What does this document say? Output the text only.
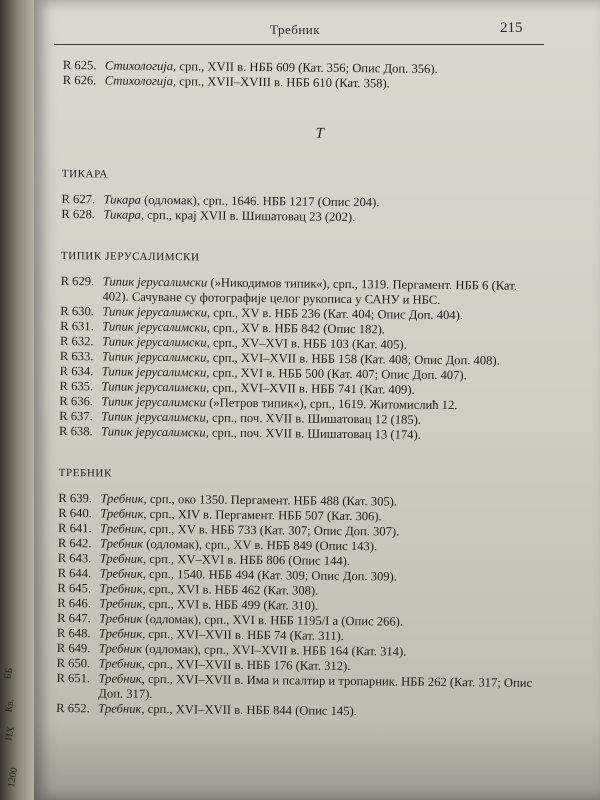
ББ
Кв.
ИХ
1200
Требник	215
R 625. Стихологија, срп., XVII в. НББ 609 (Кат. 356; Опис Доп. 356).
R 626. Стихологија, срп., XVII–XVIII в. НББ 610 (Кат. 358).
T
ТИКАРА
R 627. Тикара (одломак), срп., 1646. НББ 1217 (Опис 204).
R 628. Тикара, срп., крај XVII в. Шишатовац 23 (202).
ТИПИК ЈЕРУСАЛИМСКИ
R 629. Типик јерусалимски (»Никодимов типик«), срп., 1319. Пергамент. НББ 6 (Кат. 402). Сачуване су фотографије целог рукописа у САНУ и НБС.
R 630. Типик јерусалимски, срп., XV в. НББ 236 (Кат. 404; Опис Доп. 404).
R 631. Типик јерусалимски, срп., XV в. НББ 842 (Опис 182).
R 632. Типик јерусалимски, срп., XV–XVI в. НББ 103 (Кат. 405).
R 633. Типик јерусалимски, срп., XVI–XVII в. НББ 158 (Кат. 408; Опис Доп. 408).
R 634. Типик јерусалимски, срп., XVI в. НББ 500 (Кат. 407; Опис Доп. 407).
R 635. Типик јерусалимски, срп., XVI–XVII в. НББ 741 (Кат. 409).
R 636. Типик јерусалимски (»Петров типик«), срп., 1619. Житомислић 12.
R 637. Типик јерусалимски, срп., поч. XVII в. Шишатовац 12 (185).
R 638. Типик јерусалимски, срп., поч. XVII в. Шишатовац 13 (174).
ТРЕБНИК
R 639. Требник, срп., око 1350. Пергамент. НББ 488 (Кат. 305).
R 640. Требник, срп., XIV в. Пергамент. НББ 507 (Кат. 306).
R 641. Требник, срп., XV в. НББ 733 (Кат. 307; Опис Доп. 307).
R 642. Требник (одломак), срп., XV в. НББ 849 (Опис 143).
R 643. Требник, срп., XV–XVI в. НББ 806 (Опис 144).
R 644. Требник, срп., 1540. НББ 494 (Кат. 309; Опис Доп. 309).
R 645. Требник, срп., XVI в. НББ 462 (Кат. 308).
R 646. Требник, срп., XVI в. НББ 499 (Кат. 310).
R 647. Требник (одломак), срп., XVI в. НББ 1195/I a (Опис 266).
R 648. Требник, срп., XVI–XVII в. НББ 74 (Кат. 311).
R 649. Требник (одломак), срп., XVI–XVII в. НББ 164 (Кат. 314).
R 650. Требник, срп., XVI–XVII в. НББ 176 (Кат. 312).
R 651. Требник, срп., XVI–XVII в. Има и псалтир и тропарник. НББ 262 (Кат. 317; Опис Доп. 317).
R 652. Требник, срп., XVI–XVII в. НББ 844 (Опис 145).
